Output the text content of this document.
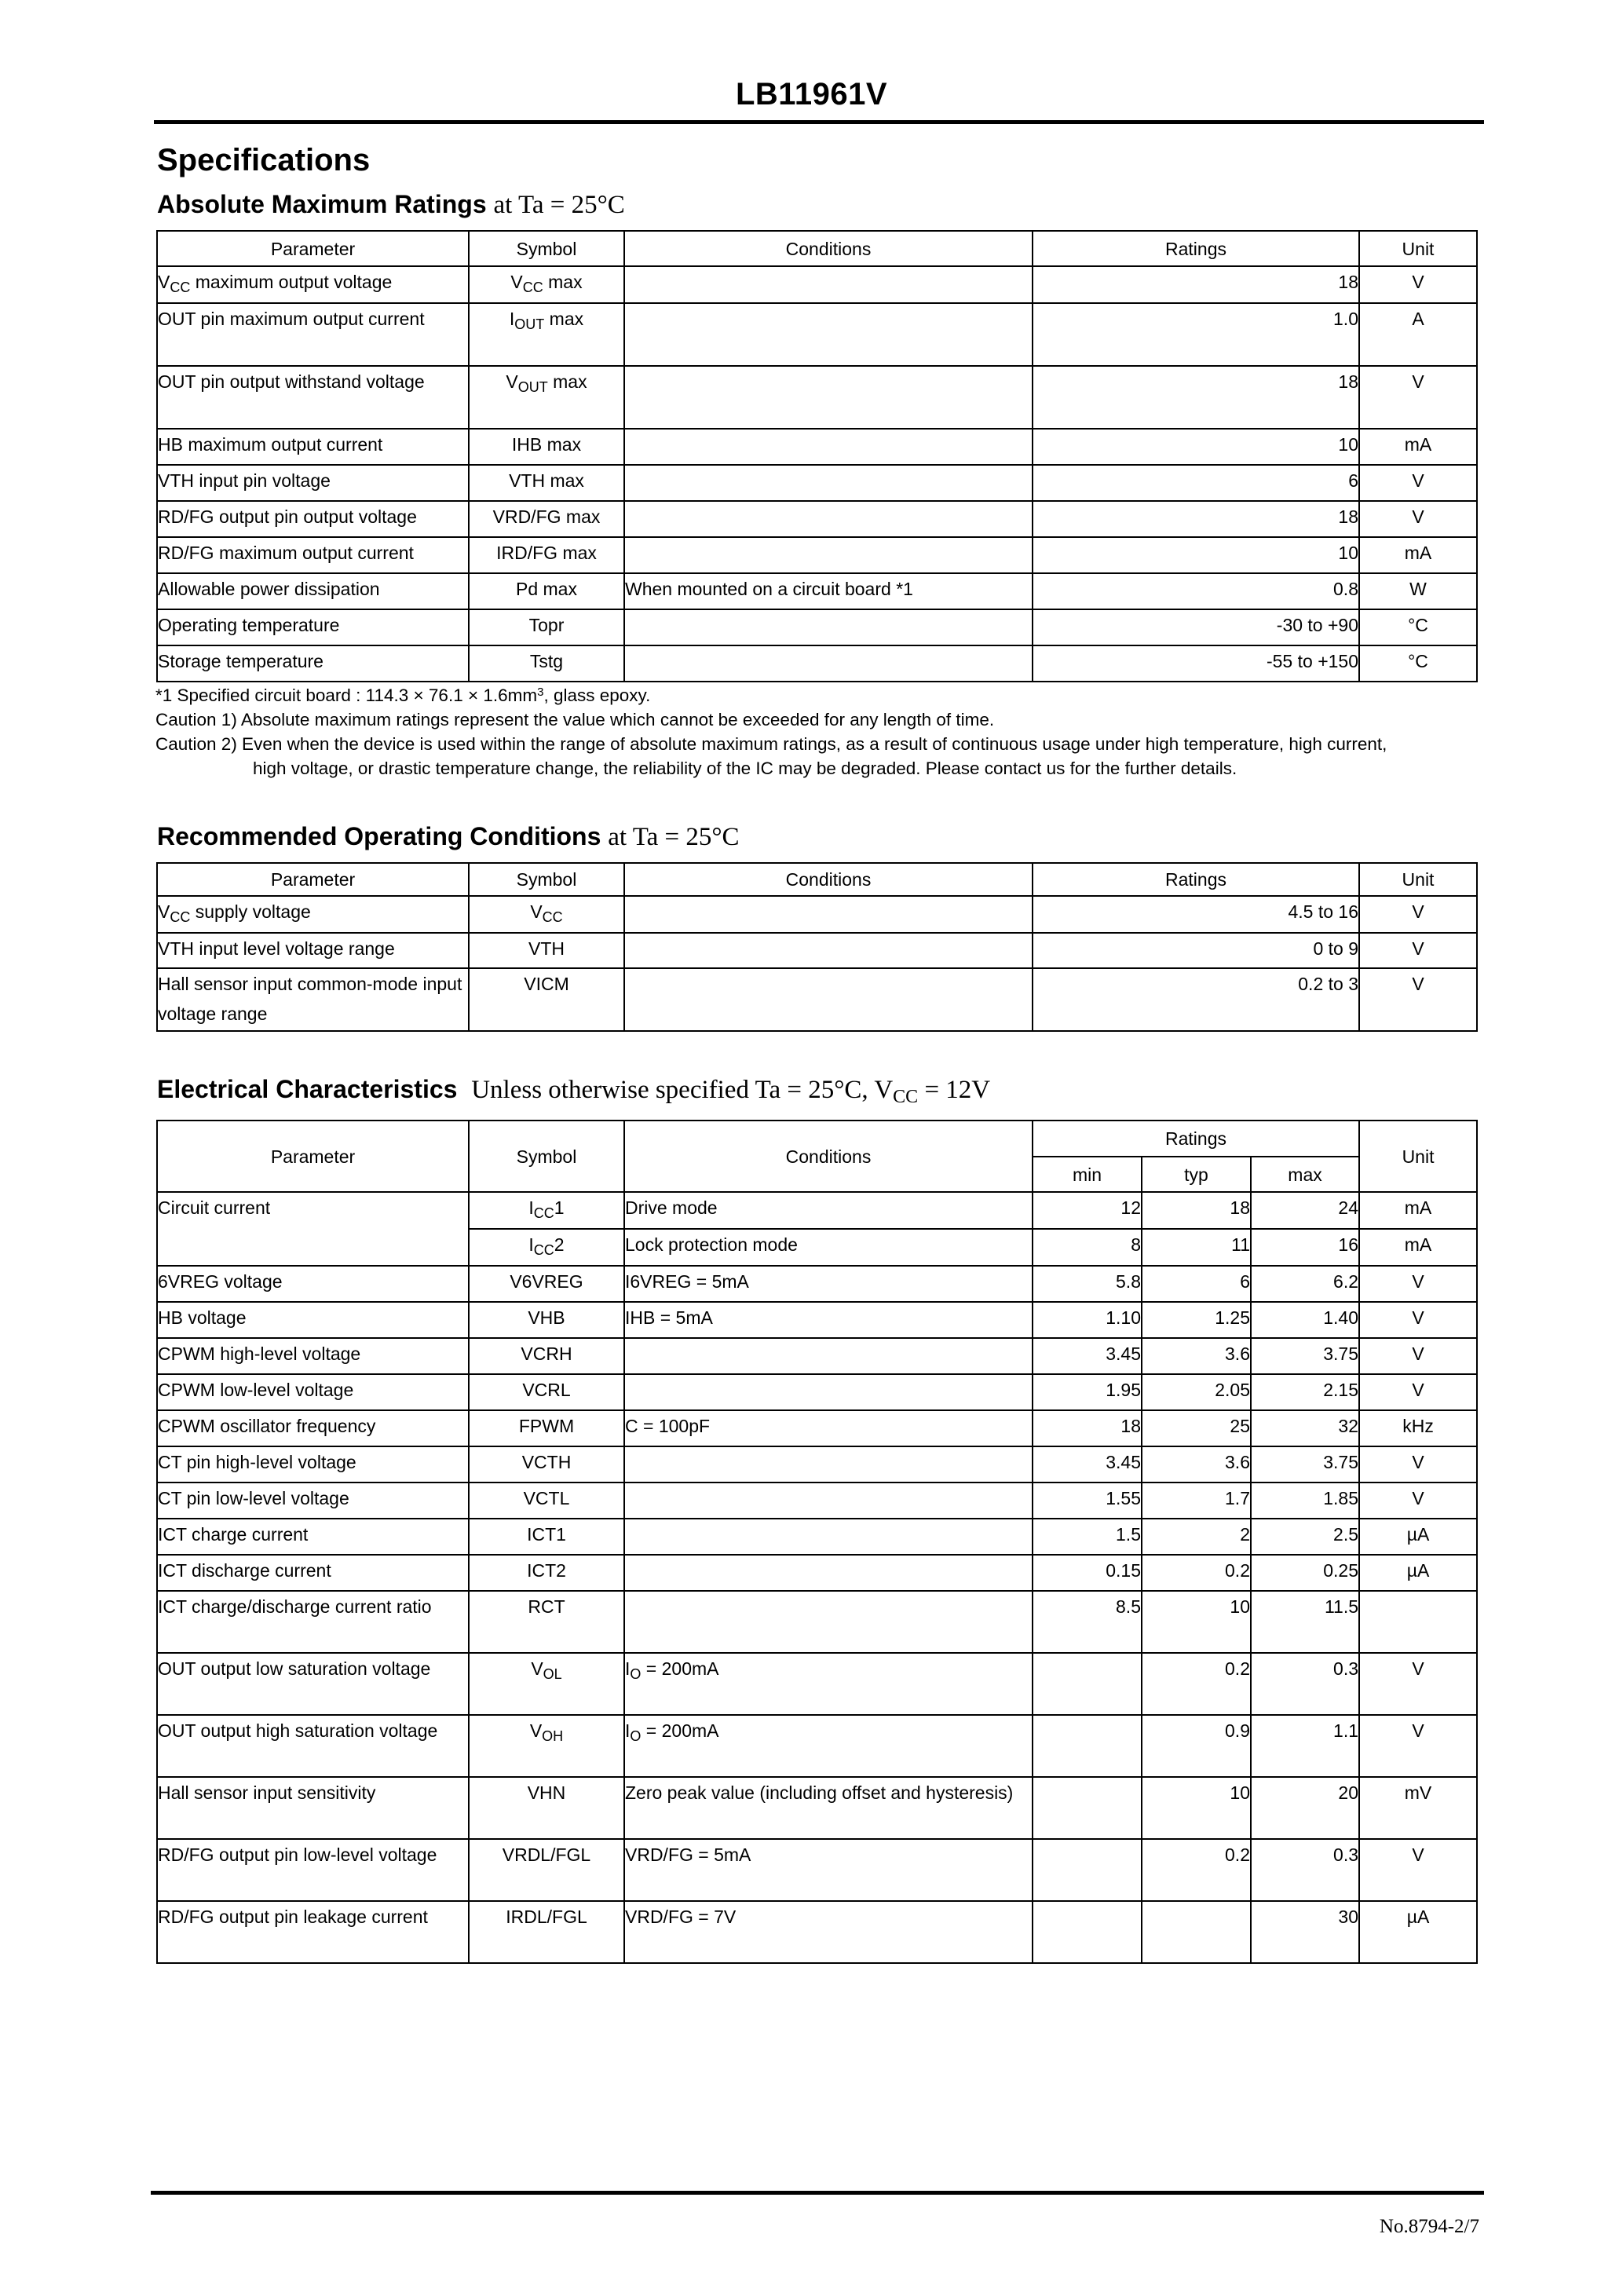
LB11961V
Specifications
Absolute Maximum Ratings at Ta = 25°C
Parameter	Symbol	Conditions	Ratings	Unit
$V_{CC}$ maximum output voltage	$V_{CC}$ max		18	V
OUT pin maximum output current	$I_{OUT}$ max		1.0	A
OUT pin output withstand voltage	$V_{OUT}$ max		18	V
HB maximum output current	IHB max		10	mA
VTH input pin voltage	VTH max		6	V
RD/FG output pin output voltage	VRD/FG max		18	V
RD/FG maximum output current	IRD/FG max		10	mA
Allowable power dissipation	Pd max	When mounted on a circuit board *1	0.8	W
Operating temperature	Topr		-30 to +90	°C
Storage temperature	Tstg		-55 to +150	°C
*1 Specified circuit board : $114.3 \times 76.1 \times 1.6mm^3$, glass epoxy.
Caution 1) Absolute maximum ratings represent the value which cannot be exceeded for any length of time.
Caution 2) Even when the device is used within the range of absolute maximum ratings, as a result of continuous usage under high temperature, high current,
high voltage, or drastic temperature change, the reliability of the IC may be degraded. Please contact us for the further details.
Recommended Operating Conditions at Ta = 25°C
Parameter	Symbol	Conditions	Ratings	Unit
$V_{CC}$ supply voltage	$V_{CC}$		4.5 to 16	V
VTH input level voltage range	VTH		0 to 9	V
Hall sensor input common-mode input voltage range	VICM		0.2 to 3	V
Electrical Characteristics Unless otherwise specified Ta = 25°C, $V_{CC} = 12V$
Parameter	Symbol	Conditions	Ratings			Unit
			min	typ	max	
Circuit current	$I_{CC}1$	Drive mode	12	18	24	mA
	$I_{CC}2$	Lock protection mode	8	11	16	mA
6VREG voltage	V6VREG	I6VREG = 5mA	5.8	6	6.2	V
HB voltage	VHB	IHB = 5mA	1.10	1.25	1.40	V
CPWM high-level voltage	VCRH		3.45	3.6	3.75	V
CPWM low-level voltage	VCRL		1.95	2.05	2.15	V
CPWM oscillator frequency	FPWM	C = 100pF	18	25	32	kHz
CT pin high-level voltage	VCTH		3.45	3.6	3.75	V
CT pin low-level voltage	VCTL		1.55	1.7	1.85	V
ICT charge current	ICT1		1.5	2	2.5	µA
ICT discharge current	ICT2		0.15	0.2	0.25	µA
ICT charge/discharge current ratio	RCT		8.5	10	11.5	
OUT output low saturation voltage	$V_{OL}$	$I_O = 200mA$		0.2	0.3	V
OUT output high saturation voltage	$V_{OH}$	$I_O = 200mA$		0.9	1.1	V
Hall sensor input sensitivity	VHN	Zero peak value (including offset and hysteresis)		10	20	mV
RD/FG output pin low-level voltage	VRDL/FGL	VRD/FG = 5mA		0.2	0.3	V
RD/FG output pin leakage current	IRDL/FGL	VRD/FG = 7V			30	µA
No.8794-2/7
